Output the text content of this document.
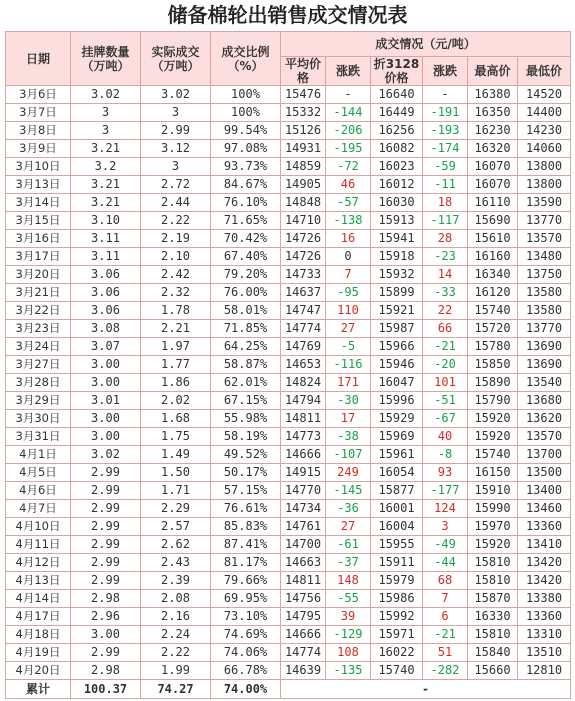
储备棉轮出销售成交情况表
日期	挂牌数量（万吨）	实际成交（万吨）	成交比例（%）	成交情况（元/吨）					
				平均价格	涨跌	折3128价格	涨跌	最高价	最低价
3月6日	3.02	3.02	100%	15476	-	16640	-	16380	14520
3月7日	3	3	100%	15332	-144	16449	-191	16350	14400
3月8日	3	2.99	99.54%	15126	-206	16256	-193	16230	14230
3月9日	3.21	3.12	97.08%	14931	-195	16082	-174	16320	14060
3月10日	3.2	3	93.73%	14859	-72	16023	-59	16070	13800
3月13日	3.21	2.72	84.67%	14905	46	16012	-11	16070	13800
3月14日	3.21	2.44	76.10%	14848	-57	16030	18	16110	13590
3月15日	3.10	2.22	71.65%	14710	-138	15913	-117	15690	13770
3月16日	3.11	2.19	70.42%	14726	16	15941	28	15610	13570
3月17日	3.11	2.10	67.40%	14726	0	15918	-23	16160	13480
3月20日	3.06	2.42	79.20%	14733	7	15932	14	16340	13750
3月21日	3.06	2.32	76.00%	14637	-95	15899	-33	16120	13580
3月22日	3.06	1.78	58.01%	14747	110	15921	22	15740	13580
3月23日	3.08	2.21	71.85%	14774	27	15987	66	15720	13770
3月24日	3.07	1.97	64.25%	14769	-5	15966	-21	15780	13690
3月27日	3.00	1.77	58.87%	14653	-116	15946	-20	15850	13690
3月28日	3.00	1.86	62.01%	14824	171	16047	101	15890	13540
3月29日	3.01	2.02	67.15%	14794	-30	15996	-51	15790	13680
3月30日	3.00	1.68	55.98%	14811	17	15929	-67	15920	13620
3月31日	3.00	1.75	58.19%	14773	-38	15969	40	15920	13570
4月1日	3.02	1.49	49.52%	14666	-107	15961	-8	15740	13700
4月5日	2.99	1.50	50.17%	14915	249	16054	93	16150	13500
4月6日	2.99	1.71	57.15%	14770	-145	15877	-177	15910	13400
4月7日	2.99	2.29	76.61%	14734	-36	16001	124	15990	13460
4月10日	2.99	2.57	85.83%	14761	27	16004	3	15970	13360
4月11日	2.99	2.62	87.41%	14700	-61	15955	-49	15920	13410
4月12日	2.99	2.43	81.17%	14663	-37	15911	-44	15810	13420
4月13日	2.99	2.39	79.66%	14811	148	15979	68	15810	13420
4月14日	2.98	2.08	69.95%	14756	-55	15986	7	15870	13380
4月17日	2.96	2.16	73.10%	14795	39	15992	6	16330	13360
4月18日	3.00	2.24	74.69%	14666	-129	15971	-21	15810	13310
4月19日	2.99	2.22	74.06%	14774	108	16022	51	15840	13510
4月20日	2.98	1.99	66.78%	14639	-135	15740	-282	15660	12810
累计	100.37	74.27	74.00%	-					
